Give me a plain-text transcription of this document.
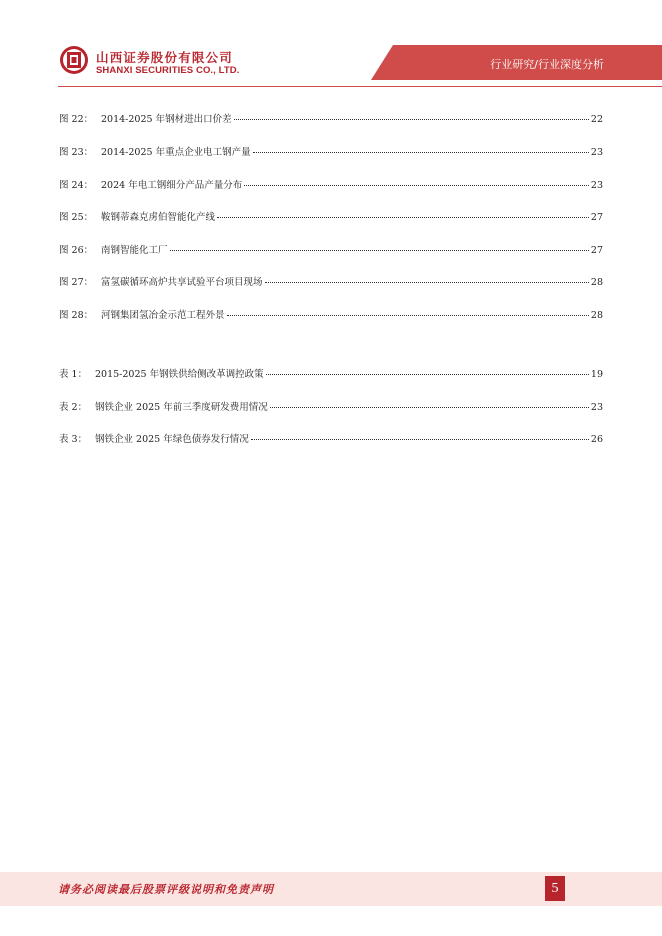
山西证券股份有限公司
SHANXI SECURITIES CO., LTD.	行业研究/行业深度分析
图 22： 2014-2025 年钢材进出口价差	22
图 23： 2014-2025 年重点企业电工钢产量	23
图 24： 2024 年电工钢细分产品产量分布	23
图 25： 鞍钢蒂森克虏伯智能化产线	27
图 26： 南钢智能化工厂	27
图 27： 富氢碳循环高炉共享试验平台项目现场	28
图 28： 河钢集团氢冶金示范工程外景	28
表 1： 2015-2025 年钢铁供给侧改革调控政策	19
表 2： 钢铁企业 2025 年前三季度研发费用情况	23
表 3： 钢铁企业 2025 年绿色债券发行情况	26
请务必阅读最后股票评级说明和免责声明	5
